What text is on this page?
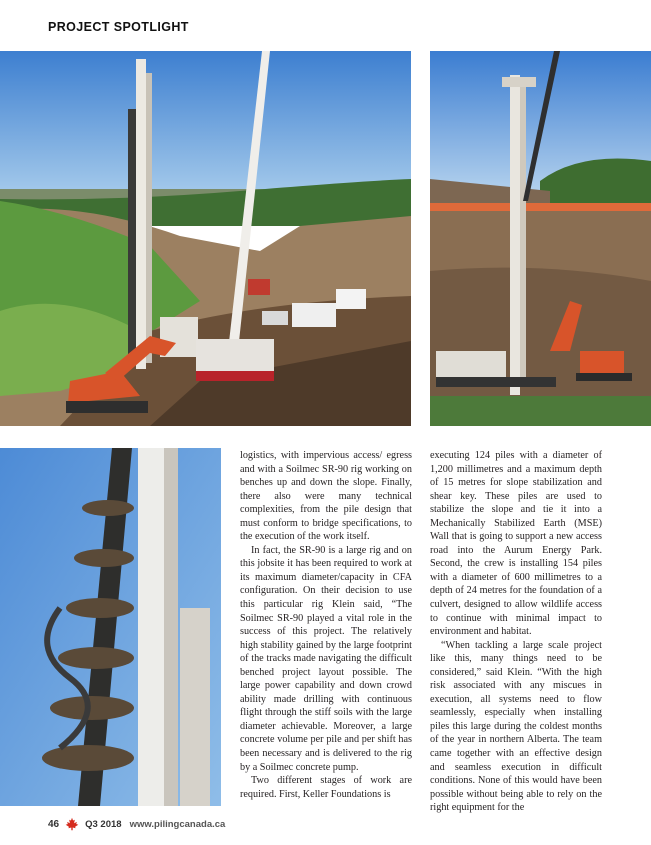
PROJECT SPOTLIGHT

logistics, with impervious access/ egress and with a Soilmec SR-90 rig working on benches up and down the slope. Finally, there also were many technical complexities, from the pile design that must conform to bridge specifications, to the execution of the work itself.

In fact, the SR-90 is a large rig and on this jobsite it has been required to work at its maximum diameter/capacity in CFA configuration. On their decision to use this particular rig Klein said, “The Soilmec SR-90 played a vital role in the success of this project. The relatively high stability gained by the large footprint of the tracks made navigating the difficult benched project layout possible. The large power capability and down crowd ability made drilling with continuous flight through the stiff soils with the large diameter achievable. Moreover, a large concrete volume per pile and per shift has been necessary and is delivered to the rig by a Soilmec concrete pump.

Two different stages of work are required. First, Keller Foundations is

executing 124 piles with a diameter of 1,200 millimetres and a maximum depth of 15 metres for slope stabilization and shear key. These piles are used to stabilize the slope and tie it into a Mechanically Stabilized Earth (MSE) Wall that is going to support a new access road into the Aurum Energy Park. Second, the crew is installing 154 piles with a diameter of 600 millimetres to a depth of 24 metres for the foundation of a culvert, designed to allow wildlife access to continue with minimal impact to environment and habitat.

“When tackling a large scale project like this, many things need to be considered,” said Klein. “With the high risk associated with any miscues in execution, all systems need to flow seamlessly, especially when installing piles this large during the coldest months of the year in northern Alberta. The team came together with an effective design and seamless execution in difficult conditions. None of this would have been possible without being able to rely on the right equipment for the

46	Q3 2018 www.pilingcanada.ca
